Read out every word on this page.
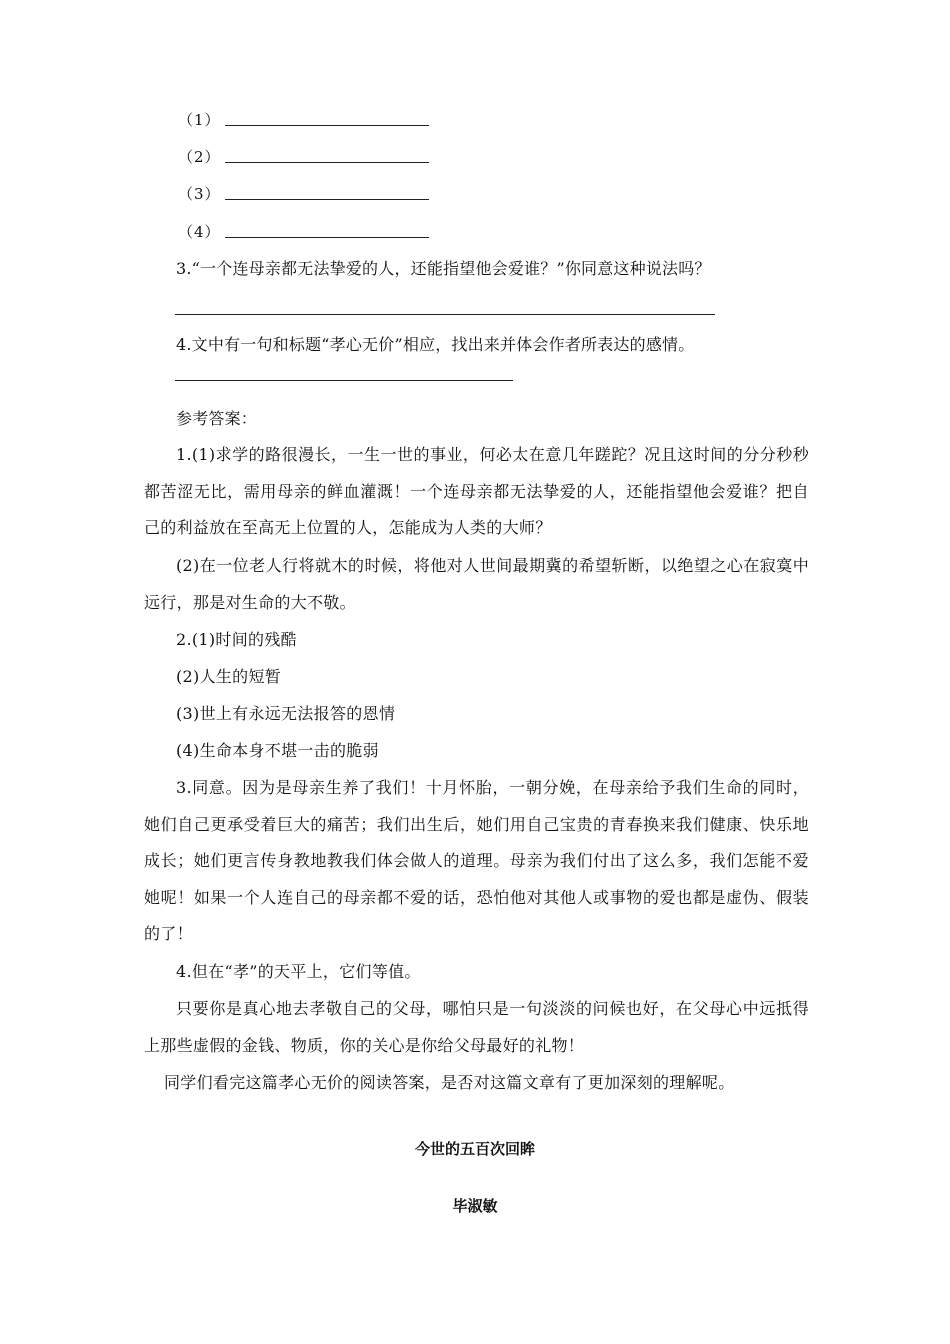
（1）
（2）
（3）
（4）
3.“一个连母亲都无法挚爱的人，还能指望他会爱谁？”你同意这种说法吗？
4.文中有一句和标题“孝心无价”相应，找出来并体会作者所表达的感情。
参考答案：
1.(1)求学的路很漫长，一生一世的事业，何必太在意几年蹉跎？况且这时间的分分秒秒都苦涩无比，需用母亲的鲜血灌溉！一个连母亲都无法挚爱的人，还能指望他会爱谁？把自己的利益放在至高无上位置的人，怎能成为人类的大师？
(2)在一位老人行将就木的时候，将他对人世间最期冀的希望斩断，以绝望之心在寂寞中远行，那是对生命的大不敬。
2.(1)时间的残酷
(2)人生的短暂
(3)世上有永远无法报答的恩情
(4)生命本身不堪一击的脆弱
3.同意。因为是母亲生养了我们！十月怀胎，一朝分娩，在母亲给予我们生命的同时，她们自己更承受着巨大的痛苦；我们出生后，她们用自己宝贵的青春换来我们健康、快乐地成长；她们更言传身教地教我们体会做人的道理。母亲为我们付出了这么多，我们怎能不爱她呢！如果一个人连自己的母亲都不爱的话，恐怕他对其他人或事物的爱也都是虚伪、假装的了！
4.但在“孝”的天平上，它们等值。
只要你是真心地去孝敬自己的父母，哪怕只是一句淡淡的问候也好，在父母心中远抵得上那些虚假的金钱、物质，你的关心是你给父母最好的礼物！
同学们看完这篇孝心无价的阅读答案，是否对这篇文章有了更加深刻的理解呢。
今世的五百次回眸
毕淑敏
